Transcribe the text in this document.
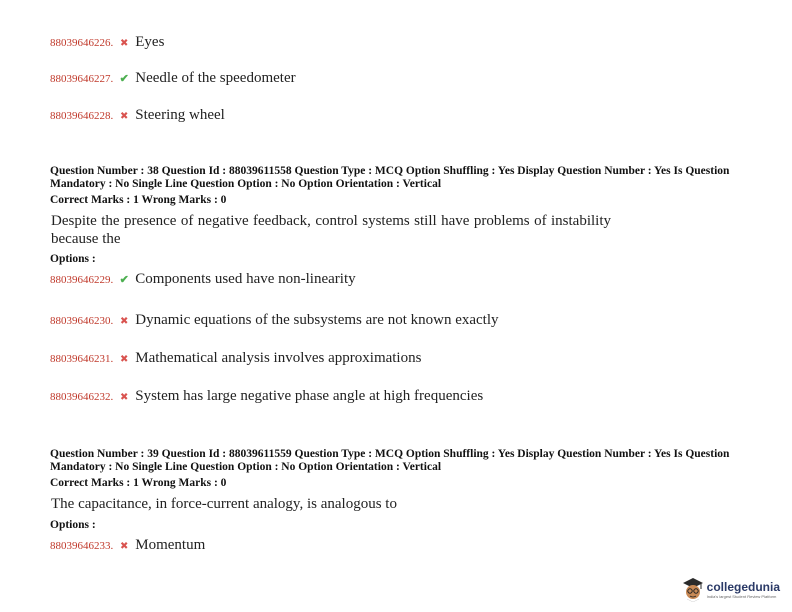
88039646226. ✖ Eyes
88039646227. ✔ Needle of the speedometer
88039646228. ✖ Steering wheel
Question Number : 38 Question Id : 88039611558 Question Type : MCQ Option Shuffling : Yes Display Question Number : Yes Is Question Mandatory : No Single Line Question Option : No Option Orientation : Vertical
Correct Marks : 1 Wrong Marks : 0
Despite the presence of negative feedback, control systems still have problems of instability because the
Options :
88039646229. ✔ Components used have non-linearity
88039646230. ✖ Dynamic equations of the subsystems are not known exactly
88039646231. ✖ Mathematical analysis involves approximations
88039646232. ✖ System has large negative phase angle at high frequencies
Question Number : 39 Question Id : 88039611559 Question Type : MCQ Option Shuffling : Yes Display Question Number : Yes Is Question Mandatory : No Single Line Question Option : No Option Orientation : Vertical
Correct Marks : 1 Wrong Marks : 0
The capacitance, in force-current analogy, is analogous to
Options :
88039646233. ✖ Momentum
collegedunia
India's largest Student Review Platform
